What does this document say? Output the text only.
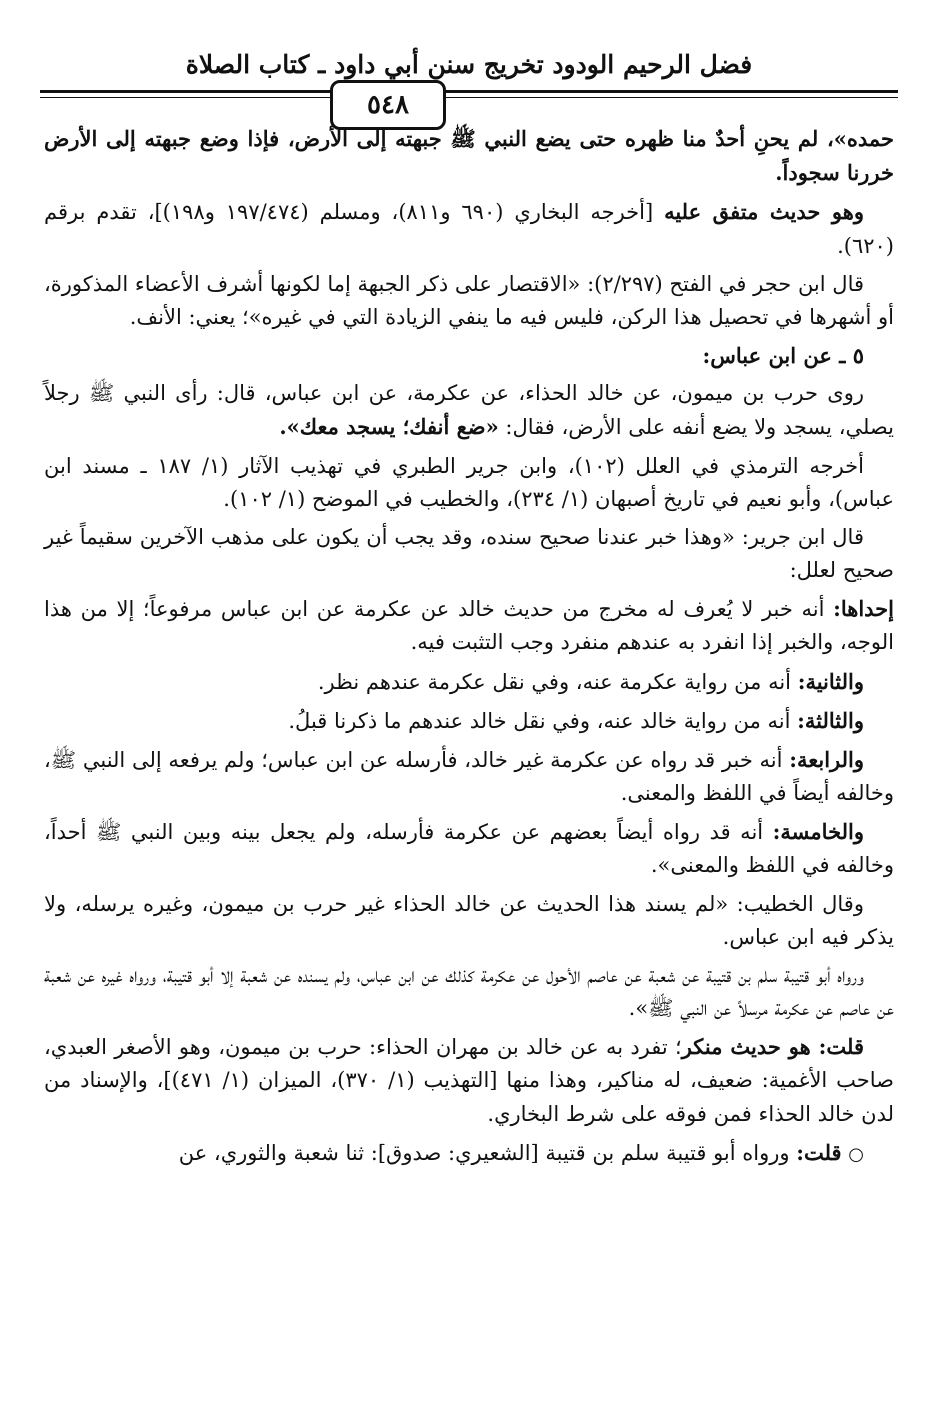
فضل الرحيم الودود تخريج سنن أبي داود ـ كتاب الصلاة
٥٤٨

حمده»، لم يحنِ أحدٌ منا ظهره حتى يضع النبي ﷺ جبهته إلى الأرض، فإذا وضع جبهته إلى الأرض خررنا سجوداً.

وهو حديث متفق عليه [أخرجه البخاري (٦٩٠ و٨١١)، ومسلم (١٩٧/٤٧٤ و١٩٨)]، تقدم برقم (٦٢٠).

قال ابن حجر في الفتح (٢/٢٩٧): «الاقتصار على ذكر الجبهة إما لكونها أشرف الأعضاء المذكورة، أو أشهرها في تحصيل هذا الركن، فليس فيه ما ينفي الزيادة التي في غيره»؛ يعني: الأنف.

٥ ـ عن ابن عباس:

روى حرب بن ميمون، عن خالد الحذاء، عن عكرمة، عن ابن عباس، قال: رأى النبي ﷺ رجلاً يصلي، يسجد ولا يضع أنفه على الأرض، فقال: «ضع أنفك؛ يسجد معك».

أخرجه الترمذي في العلل (١٠٢)، وابن جرير الطبري في تهذيب الآثار (١/ ١٨٧ ـ مسند ابن عباس)، وأبو نعيم في تاريخ أصبهان (١/ ٢٣٤)، والخطيب في الموضح (١/ ١٠٢).

قال ابن جرير: «وهذا خبر عندنا صحيح سنده، وقد يجب أن يكون على مذهب الآخرين سقيماً غير صحيح لعلل:

إحداها: أنه خبر لا يُعرف له مخرج من حديث خالد عن عكرمة عن ابن عباس مرفوعاً؛ إلا من هذا الوجه، والخبر إذا انفرد به عندهم منفرد وجب التثبت فيه.

والثانية: أنه من رواية عكرمة عنه، وفي نقل عكرمة عندهم نظر.

والثالثة: أنه من رواية خالد عنه، وفي نقل خالد عندهم ما ذكرنا قبلُ.

والرابعة: أنه خبر قد رواه عن عكرمة غير خالد، فأرسله عن ابن عباس؛ ولم يرفعه إلى النبي ﷺ، وخالفه أيضاً في اللفظ والمعنى.

والخامسة: أنه قد رواه أيضاً بعضهم عن عكرمة فأرسله، ولم يجعل بينه وبين النبي ﷺ أحداً، وخالفه في اللفظ والمعنى».

وقال الخطيب: «لم يسند هذا الحديث عن خالد الحذاء غير حرب بن ميمون، وغيره يرسله، ولا يذكر فيه ابن عباس.

ورواه أبو قتيبة سلم بن قتيبة عن شعبة عن عاصم الأحول عن عكرمة كذلك عن ابن عباس، ولم يسنده عن شعبة إلا أبو قتيبة، ورواه غيره عن شعبة عن عاصم عن عكرمة مرسلاً عن النبي ﷺ».

قلت: هو حديث منكر؛ تفرد به عن خالد بن مهران الحذاء: حرب بن ميمون، وهو الأصغر العبدي، صاحب الأغمية: ضعيف، له مناكير، وهذا منها [التهذيب (١/ ٣٧٠)، الميزان (١/ ٤٧١)]، والإسناد من لدن خالد الحذاء فمن فوقه على شرط البخاري.

○ قلت: ورواه أبو قتيبة سلم بن قتيبة [الشعيري: صدوق]: ثنا شعبة والثوري، عن
